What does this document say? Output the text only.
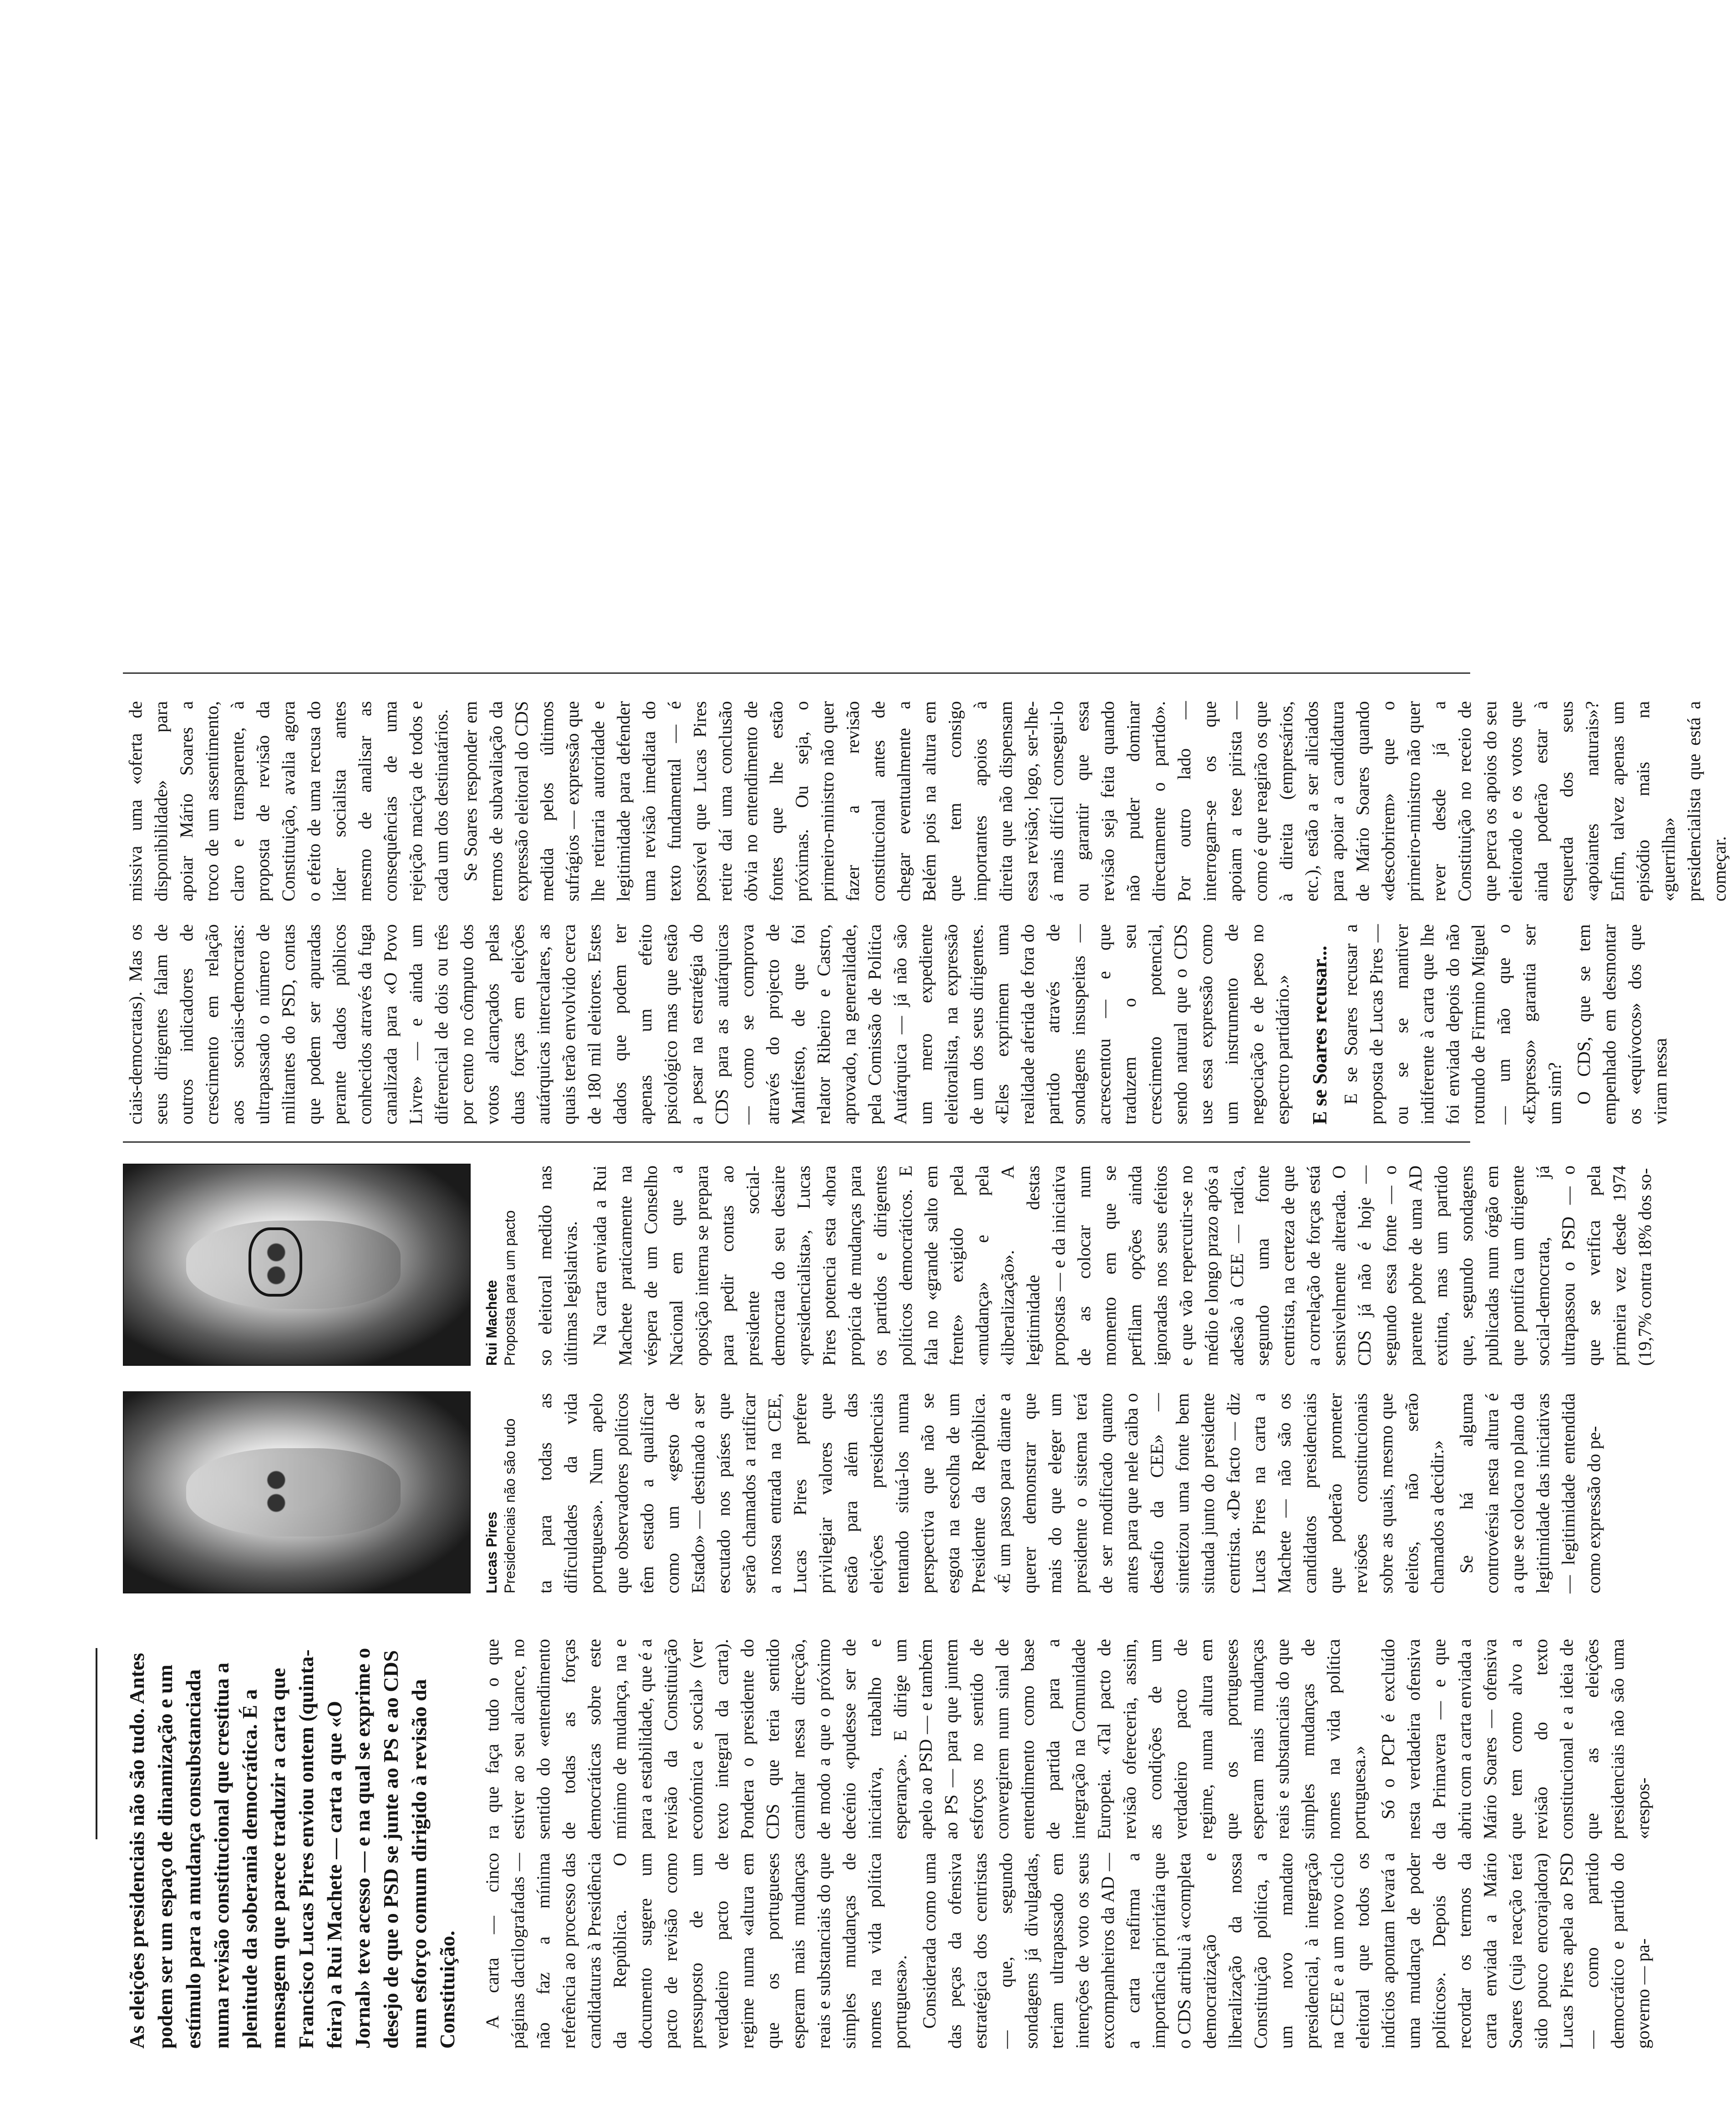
As eleições presidenciais não são tudo. Antes podem ser um espaço de dinamização e um estímulo para a mudança consubstanciada numa revisão constitucional que crestitua a plenitude da soberania democrática. É a mensagem que parece traduzir a carta que Francisco Lucas Pires enviou ontem (quinta-feira) a Rui Machete — carta a que «O Jornal» teve acesso — e na qual se exprime o desejo de que o PSD se junte ao PS e ao CDS num esforço comum dirigido à revisão da Constituição. A carta — cinco páginas dactilografadas — não faz a mínima referência ao processo das candidaturas à Presidência da República. O documento sugere um pacto de revisão como pressuposto de um verdadeiro pacto de regime numa «altura em que os portugueses esperam mais mudanças reais e substanciais do que simples mudanças de nomes na vida política portuguesa». Considerada como uma das peças da ofensiva estratégica dos centristas — que, segundo sondagens já divulgadas, teriam ultrapassado em intenções de voto os seus excompanheiros da AD — a carta reafirma a importância prioritária que o CDS atribui à «completa democratização e liberalização da nossa Constituição política, a um novo mandato presidencial, à integração na CEE e a um novo ciclo eleitoral que todos os indícios apontam levará a uma mudança de poder políticos». Depois de recordar os termos da carta enviada a Mário Soares (cuja reacção terá sido pouco encorajadora) Lucas Pires apela ao PSD — como partido democrático e partido do governo — pa-

ra que faça tudo o que estiver ao seu alcance, no sentido do «entendimento de todas as forças democráticas sobre este mínimo de mudança, na e para a estabilidade, que é a revisão da Constituição económica e social» (ver texto integral da carta). Pondera o presidente do CDS que teria sentido caminhar nessa direcção, de modo a que o próximo decénio «pudesse ser de iniciativa, trabalho e esperança». E dirige um apelo ao PSD — e também ao PS — para que juntem esforços no sentido de convergirem num sinal de entendimento como base de partida para a integração na Comunidade Europeia. «Tal pacto de revisão ofereceria, assim, as condições de um verdadeiro pacto de regime, numa altura em que os portugueses esperam mais mudanças reais e substanciais do que simples mudanças de nomes na vida política portuguesa.» Só o PCP é excluído nesta verdadeira ofensiva da Primavera — e que abriu com a carta enviada a Mário Soares — ofensiva que tem como alvo a revisão do texto constitucional e a ideia de que as eleições presidenciais não são uma «respos-

Lucas Pires Presidenciais não são tudo ta para todas as dificuldades da vida portuguesa». Num apelo que observadores políticos têm estado a qualificar como um «gesto de Estado» — destinado a ser escutado nos países que serão chamados a ratificar a nossa entrada na CEE, Lucas Pires prefere privilegiar valores que estão para além das eleições presidenciais tentando situá-los numa perspectiva que não se esgota na escolha de um Presidente da República. «É um passo para diante a querer demonstrar que mais do que eleger um presidente o sistema terá de ser modificado quanto antes para que nele caiba o desafio da CEE» — sintetizou uma fonte bem situada junto do presidente centrista. «De facto — diz Lucas Pires na carta a Machete — não são os candidatos presidenciais que poderão prometer revisões constitucionais sobre as quais, mesmo que eleitos, não serão chamados a decidir.» Se há alguma controvérsia nesta altura é a que se coloca no plano da legitimidade das iniciativas — legitimidade entendida como expressão do pe-

Rui Machete Proposta para um pacto so eleitoral medido nas últimas legislativas. Na carta enviada a Rui Machete praticamente na véspera de um Conselho Nacional em que a oposição interna se prepara para pedir contas ao presidente social-democrata do seu desaire «presidencialista», Lucas Pires potencia esta «hora propícia de mudanças para os partidos e dirigentes políticos democráticos. E fala no «grande salto em frente» exigido pela «mudança» e pela «liberalização». A legitimidade destas propostas — e da iniciativa de as colocar num momento em que se perfilam opções ainda ignoradas nos seus efeitos e que vão repercutir-se no médio e longo prazo após a adesão à CEE — radica, segundo uma fonte centrista, na certeza de que a correlação de forças está sensivelmente alterada. O CDS já não é hoje — segundo essa fonte — o parente pobre de uma AD extinta, mas um partido que, segundo sondagens publicadas num órgão em que pontifica um dirigente social-democrata, já ultrapassou o PSD — o que se verifica pela primeira vez desde 1974 (19,7% contra 18% dos so-

ciais-democratas). Mas os seus dirigentes falam de outros indicadores de crescimento em relação aos sociais-democratas: ultrapassado o número de militantes do PSD, contas que podem ser apuradas perante dados públicos conhecidos através da fuga canalizada para «O Povo Livre» — e ainda um diferencial de dois ou três por cento no cômputo dos votos alcançados pelas duas forças em eleições autárquicas intercalares, as quais terão envolvido cerca de 180 mil eleitores. Estes dados que podem ter apenas um efeito psicológico mas que estão a pesar na estratégia do CDS para as autárquicas — como se comprova através do projecto de Manifesto, de que foi relator Ribeiro e Castro, aprovado, na generalidade, pela Comissão de Política Autárquica — já não são um mero expediente eleitoralista, na expressão de um dos seus dirigentes. «Eles exprimem uma realidade aferida de fora do partido através de sondagens insuspeitas — acrescentou — e que traduzem o seu crescimento potencial, sendo natural que o CDS use essa expressão como um instrumento de negociação e de peso no espectro partidário.» E se Soares recusar... E se Soares recusar a proposta de Lucas Pires — ou se se mantiver indiferente à carta que lhe foi enviada depois do não rotundo de Firmino Miguel — um não que o «Expresso» garantia ser um sim? O CDS, que se tem empenhado em desmontar os «equívocos» dos que viram nessa

missiva uma «oferta de disponibilidade» para apoiar Mário Soares a troco de um assentimento, claro e transparente, à proposta de revisão da Constituição, avalia agora o efeito de uma recusa do líder socialista antes mesmo de analisar as consequências de uma rejeição maciça de todos e cada um dos destinatários. Se Soares responder em termos de subavaliação da expressão eleitoral do CDS medida pelos últimos sufrágios — expressão que lhe retiraria autoridade e legitimidade para defender uma revisão imediata do texto fundamental — é possível que Lucas Pires retire daí uma conclusão óbvia no entendimento de fontes que lhe estão próximas. Ou seja, o primeiro-ministro não quer fazer a revisão constitucional antes de chegar eventualmente a Belém pois na altura em que tem consigo importantes apoios à direita que não dispensam essa revisão; logo, ser-lhe-á mais difícil consegui-lo ou garantir que essa revisão seja feita quando não puder dominar directamente o partido». Por outro lado — interrogam-se os que apoiam a tese pirista — como é que reagirão os que à direita (empresários, etc.), estão a ser aliciados para apoiar a candidatura de Mário Soares quando «descobrirem» que o primeiro-ministro não quer rever desde já a Constituição no receio de que perca os apoios do seu eleitorado e os votos que ainda poderão estar à esquerda dos seus «apoiantes naturais»? Enfim, talvez apenas um episódio mais na «guerrilha» presidencialista que está a começar.
